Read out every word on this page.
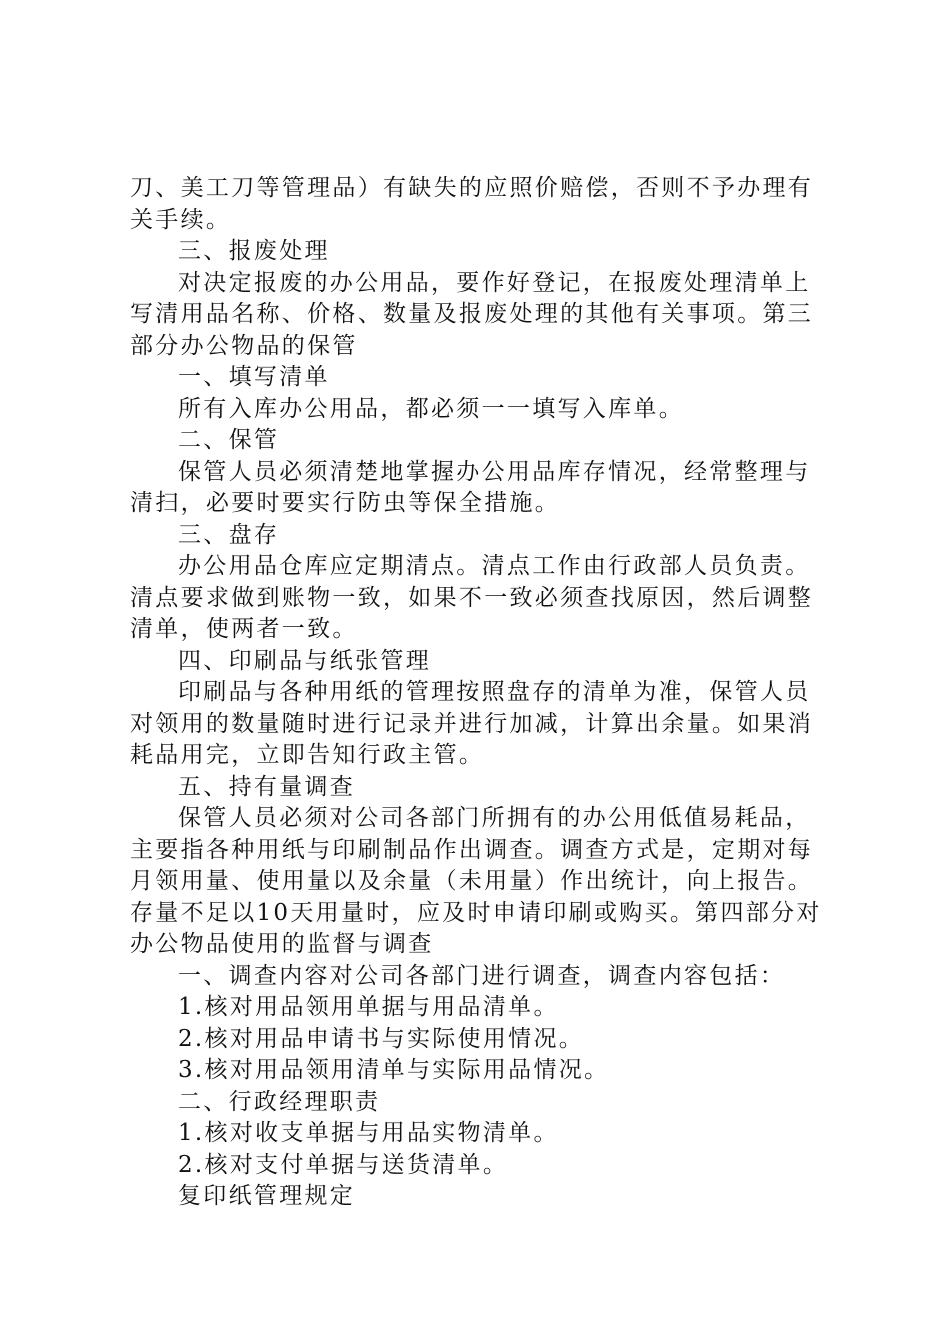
刀、美工刀等管理品）有缺失的应照价赔偿，否则不予办理有
关手续。
三、报废处理
对决定报废的办公用品，要作好登记，在报废处理清单上
写清用品名称、价格、数量及报废处理的其他有关事项。第三
部分办公物品的保管
一、填写清单
所有入库办公用品，都必须一一填写入库单。
二、保管
保管人员必须清楚地掌握办公用品库存情况，经常整理与
清扫，必要时要实行防虫等保全措施。
三、盘存
办公用品仓库应定期清点。清点工作由行政部人员负责。
清点要求做到账物一致，如果不一致必须查找原因，然后调整
清单，使两者一致。
四、印刷品与纸张管理
印刷品与各种用纸的管理按照盘存的清单为准，保管人员
对领用的数量随时进行记录并进行加减，计算出余量。如果消
耗品用完，立即告知行政主管。
五、持有量调查
保管人员必须对公司各部门所拥有的办公用低值易耗品，
主要指各种用纸与印刷制品作出调查。调查方式是，定期对每
月领用量、使用量以及余量（未用量）作出统计，向上报告。
存量不足以10天用量时，应及时申请印刷或购买。第四部分对
办公物品使用的监督与调查
一、调查内容对公司各部门进行调查，调查内容包括：
1.核对用品领用单据与用品清单。
2.核对用品申请书与实际使用情况。
3.核对用品领用清单与实际用品情况。
二、行政经理职责
1.核对收支单据与用品实物清单。
2.核对支付单据与送货清单。
复印纸管理规定
